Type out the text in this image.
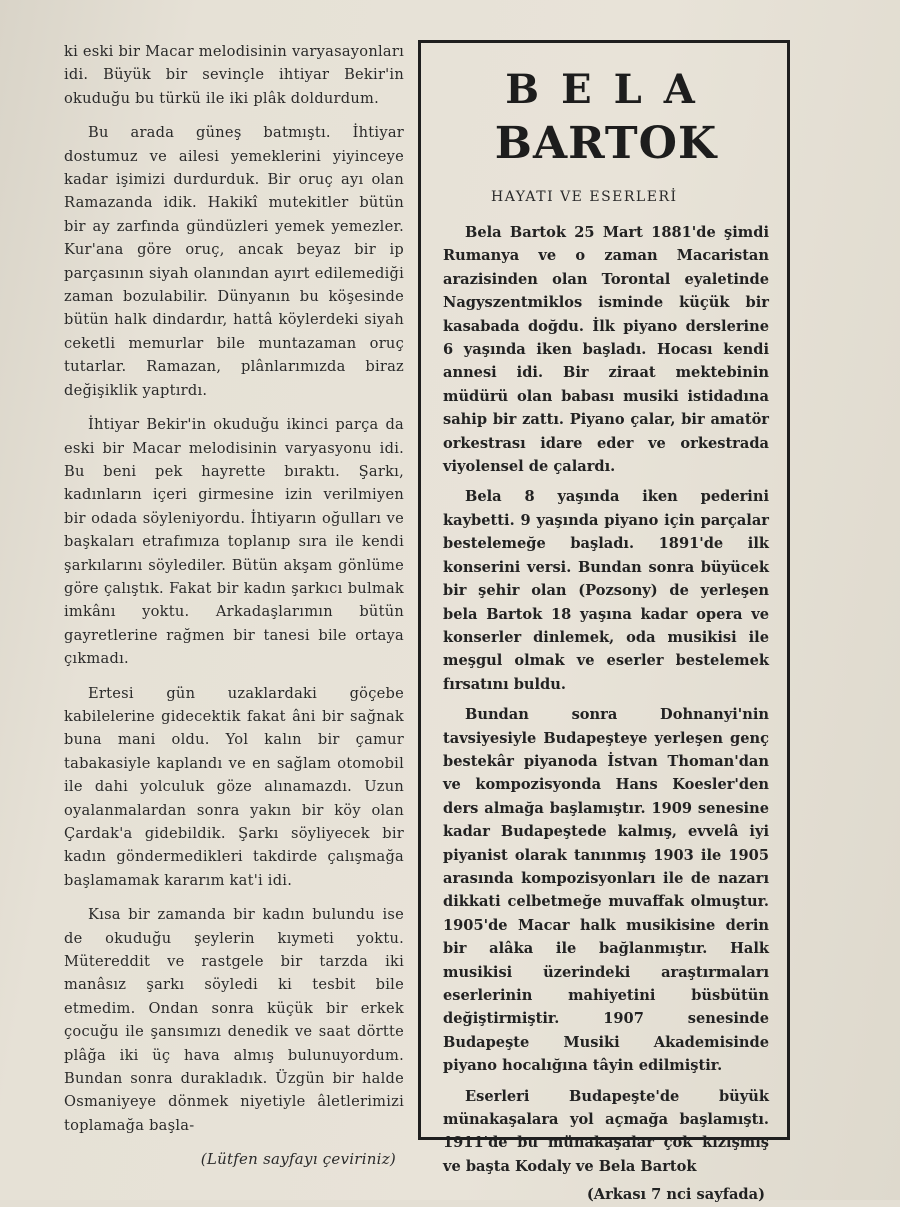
ki eski bir Macar melodisinin varyasayonları idi. Büyük bir sevinçle ihtiyar Bekir'in okuduğu bu türkü ile iki plâk doldurdum.

Bu arada güneş batmıştı. İhtiyar dostumuz ve ailesi yemeklerini yiyinceye kadar işimizi durdurduk. Bir oruç ayı olan Ramazanda idik. Hakikî mutekitler bütün bir ay zarfında gündüzleri yemek yemezler. Kur'ana göre oruç, ancak beyaz bir ip parçasının siyah olanından ayırt edilemediği zaman bozulabilir. Dünyanın bu köşesinde bütün halk dindardır, hattâ köylerdeki siyah ceketli memurlar bile muntazaman oruç tutarlar. Ramazan, plânlarımızda biraz değişiklik yaptırdı.

İhtiyar Bekir'in okuduğu ikinci parça da eski bir Macar melodisinin varyasyonu idi. Bu beni pek hayrette bıraktı. Şarkı, kadınların içeri girmesine izin verilmiyen bir odada söyleniyordu. İhtiyarın oğulları ve başkaları etrafımıza toplanıp sıra ile kendi şarkılarını söylediler. Bütün akşam gönlüme göre çalıştık. Fakat bir kadın şarkıcı bulmak imkânı yoktu. Arkadaşlarımın bütün gayretlerine rağmen bir tanesi bile ortaya çıkmadı.

Ertesi gün uzaklardaki göçebe kabilelerine gidecektik fakat âni bir sağnak buna mani oldu. Yol kalın bir çamur tabakasiyle kaplandı ve en sağlam otomobil ile dahi yolculuk göze alınamazdı. Uzun oyalanmalardan sonra yakın bir köy olan Çardak'a gidebildik. Şarkı söyliyecek bir kadın göndermedikleri takdirde çalışmağa başlamamak kararım kat'i idi.

Kısa bir zamanda bir kadın bulundu ise de okuduğu şeylerin kıymeti yoktu. Mütereddit ve rastgele bir tarzda iki manâsız şarkı söyledi ki tesbit bile etmedim. Ondan sonra küçük bir erkek çocuğu ile şansımızı denedik ve saat dörtte plâğa iki üç hava almış bulunuyordum. Bundan sonra durakladık. Üzgün bir halde Osmaniyeye dönmek niyetiyle âletlerimizi toplamağa başla-

(Lütfen sayfayı çeviriniz)
BELA
BARTOK
HAYATI VE ESERLERİ

Bela Bartok 25 Mart 1881'de şimdi Rumanya ve o zaman Macaristan arazisinden olan Torontal eyaletinde Nagyszentmiklos isminde küçük bir kasabada doğdu. İlk piyano derslerine 6 yaşında iken başladı. Hocası kendi annesi idi. Bir ziraat mektebinin müdürü olan babası musiki istidadına sahip bir zattı. Piyano çalar, bir amatör orkestrası idare eder ve orkestrada viyolensel de çalardı.

Bela 8 yaşında iken pederini kaybetti. 9 yaşında piyano için parçalar bestelemeğe başladı. 1891'de ilk konserini versi. Bundan sonra büyücek bir şehir olan (Pozsony) de yerleşen bela Bartok 18 yaşına kadar opera ve konserler dinlemek, oda musikisi ile meşgul olmak ve eserler bestelemek fırsatını buldu.

Bundan sonra Dohnanyi'nin tavsiyesiyle Budapeşteye yerleşen genç bestekâr piyanoda İstvan Thoman'dan ve kompozisyonda Hans Koesler'den ders almağa başlamıştır. 1909 senesine kadar Budapeştede kalmış, evvelâ iyi piyanist olarak tanınmış 1903 ile 1905 arasında kompozisyonları ile de nazarı dikkati celbetmeğe muvaffak olmuştur. 1905'de Macar halk musikisine derin bir alâka ile bağlanmıştır. Halk musikisi üzerindeki araştırmaları eserlerinin mahiyetini büsbütün değiştirmiştir. 1907 senesinde Budapeşte Musiki Akademisinde piyano hocalığına tâyin edilmiştir.

Eserleri Budapeşte'de büyük münakaşalara yol açmağa başlamıştı. 1911'de bu münakaşalar çok kızışmış ve başta Kodaly ve Bela Bartok

(Arkası 7 nci sayfada)
